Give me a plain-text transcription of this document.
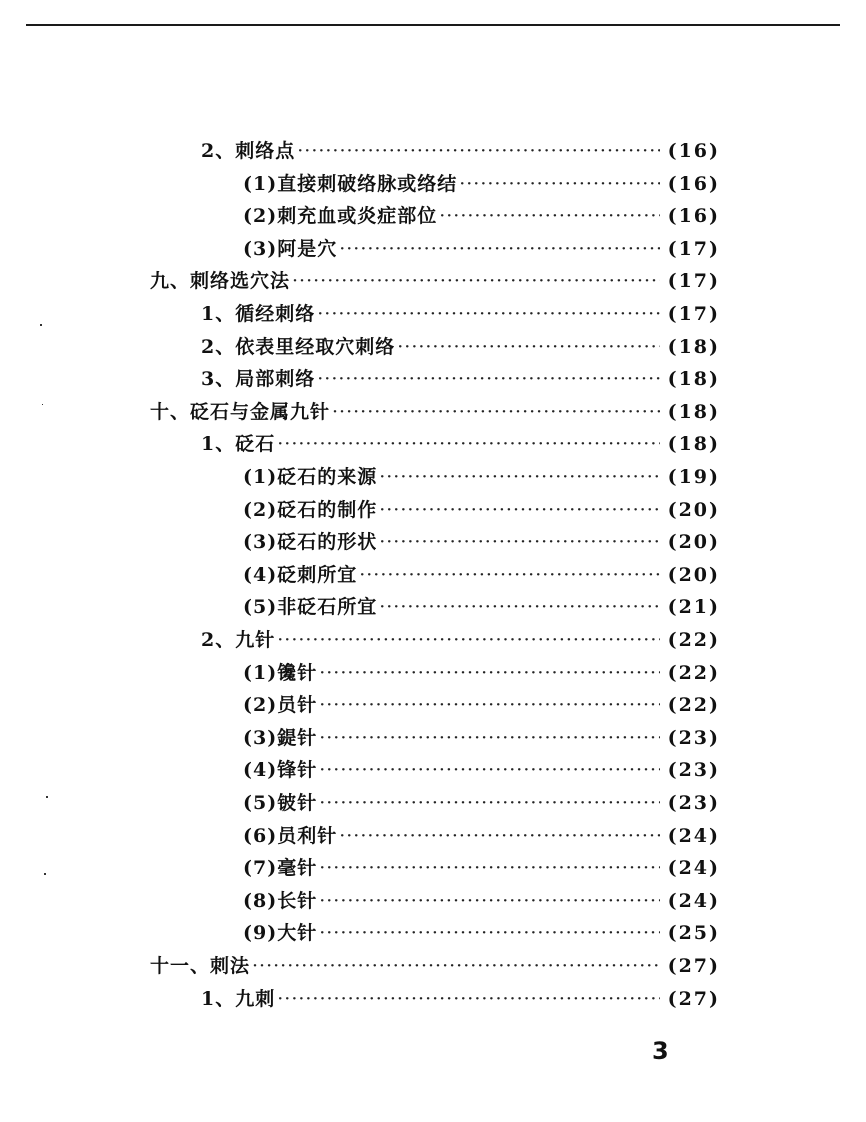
2、刺络点 ·····	(16)
(1)直接刺破络脉或络结 ·····	(16)
(2)刺充血或炎症部位 ·····	(16)
(3)阿是穴 ·····	(17)
九、刺络选穴法 ·····	(17)
1、循经刺络 ·····	(17)
2、依表里经取穴刺络 ·····	(18)
3、局部刺络 ·····	(18)
十、砭石与金属九针 ·····	(18)
1、砭石 ·····	(18)
(1)砭石的来源 ·····	(19)
(2)砭石的制作 ·····	(20)
(3)砭石的形状 ·····	(20)
(4)砭刺所宜 ·····	(20)
(5)非砭石所宜 ·····	(21)
2、九针 ·····	(22)
(1)镵针 ·····	(22)
(2)员针 ·····	(22)
(3)鍉针 ·····	(23)
(4)锋针 ·····	(23)
(5)铍针 ·····	(23)
(6)员利针 ·····	(24)
(7)毫针 ·····	(24)
(8)长针 ·····	(24)
(9)大针 ·····	(25)
十一、刺法 ·····	(27)
1、九刺 ·····	(27)
3
